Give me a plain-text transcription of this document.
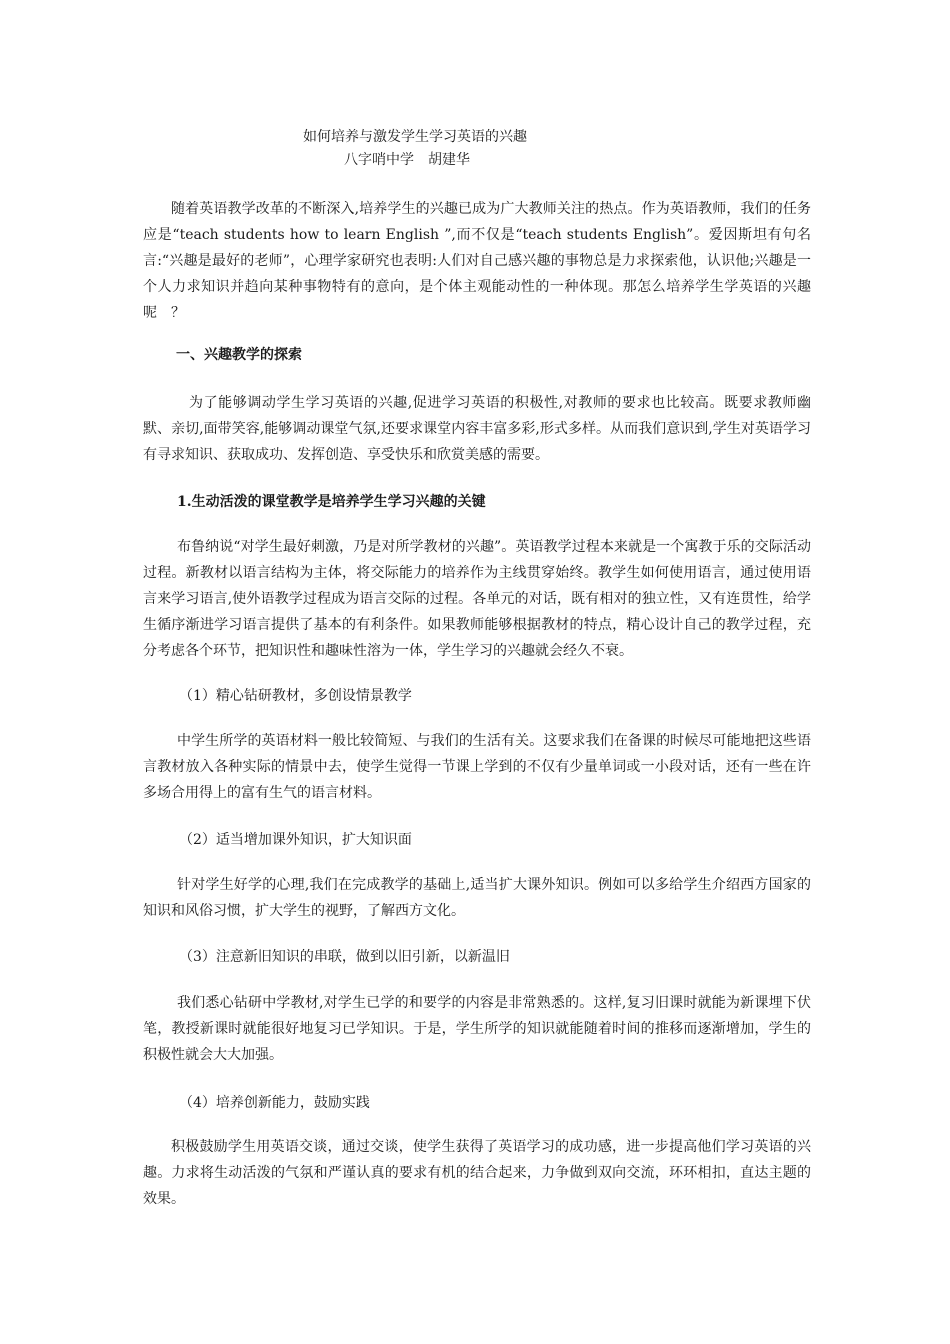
如何培养与激发学生学习英语的兴趣
八字哨中学　胡建华

随着英语教学改革的不断深入,培养学生的兴趣已成为广大教师关注的热点。作为英语教师，我们的任务应是“teach students how to learn English ”,而不仅是“teach students English”。爱因斯坦有句名言:“兴趣是最好的老师”，心理学家研究也表明:人们对自己感兴趣的事物总是力求探索他，认识他;兴趣是一个人力求知识并趋向某种事物特有的意向，是个体主观能动性的一种体现。那怎么培养学生学英语的兴趣呢　？

一、兴趣教学的探索

为了能够调动学生学习英语的兴趣,促进学习英语的积极性,对教师的要求也比较高。既要求教师幽默、亲切,面带笑容,能够调动课堂气氛,还要求课堂内容丰富多彩,形式多样。从而我们意识到,学生对英语学习有寻求知识、获取成功、发挥创造、享受快乐和欣赏美感的需要。

1.生动活泼的课堂教学是培养学生学习兴趣的关键

布鲁纳说“对学生最好刺激，乃是对所学教材的兴趣”。英语教学过程本来就是一个寓教于乐的交际活动过程。新教材以语言结构为主体，将交际能力的培养作为主线贯穿始终。教学生如何使用语言，通过使用语言来学习语言,使外语教学过程成为语言交际的过程。各单元的对话，既有相对的独立性，又有连贯性，给学生循序渐进学习语言提供了基本的有利条件。如果教师能够根据教材的特点，精心设计自己的教学过程，充分考虑各个环节，把知识性和趣味性溶为一体，学生学习的兴趣就会经久不衰。

（1）精心钻研教材，多创设情景教学

中学生所学的英语材料一般比较简短、与我们的生活有关。这要求我们在备课的时候尽可能地把这些语言教材放入各种实际的情景中去，使学生觉得一节课上学到的不仅有少量单词或一小段对话，还有一些在许多场合用得上的富有生气的语言材料。

（2）适当增加课外知识，扩大知识面

针对学生好学的心理,我们在完成教学的基础上,适当扩大课外知识。例如可以多给学生介绍西方国家的知识和风俗习惯，扩大学生的视野，了解西方文化。

（3）注意新旧知识的串联，做到以旧引新，以新温旧

我们悉心钻研中学教材,对学生已学的和要学的内容是非常熟悉的。这样,复习旧课时就能为新课埋下伏笔，教授新课时就能很好地复习已学知识。于是，学生所学的知识就能随着时间的推移而逐渐增加，学生的积极性就会大大加强。

（4）培养创新能力，鼓励实践

积极鼓励学生用英语交谈，通过交谈，使学生获得了英语学习的成功感，进一步提高他们学习英语的兴趣。力求将生动活泼的气氛和严谨认真的要求有机的结合起来，力争做到双向交流，环环相扣，直达主题的效果。
